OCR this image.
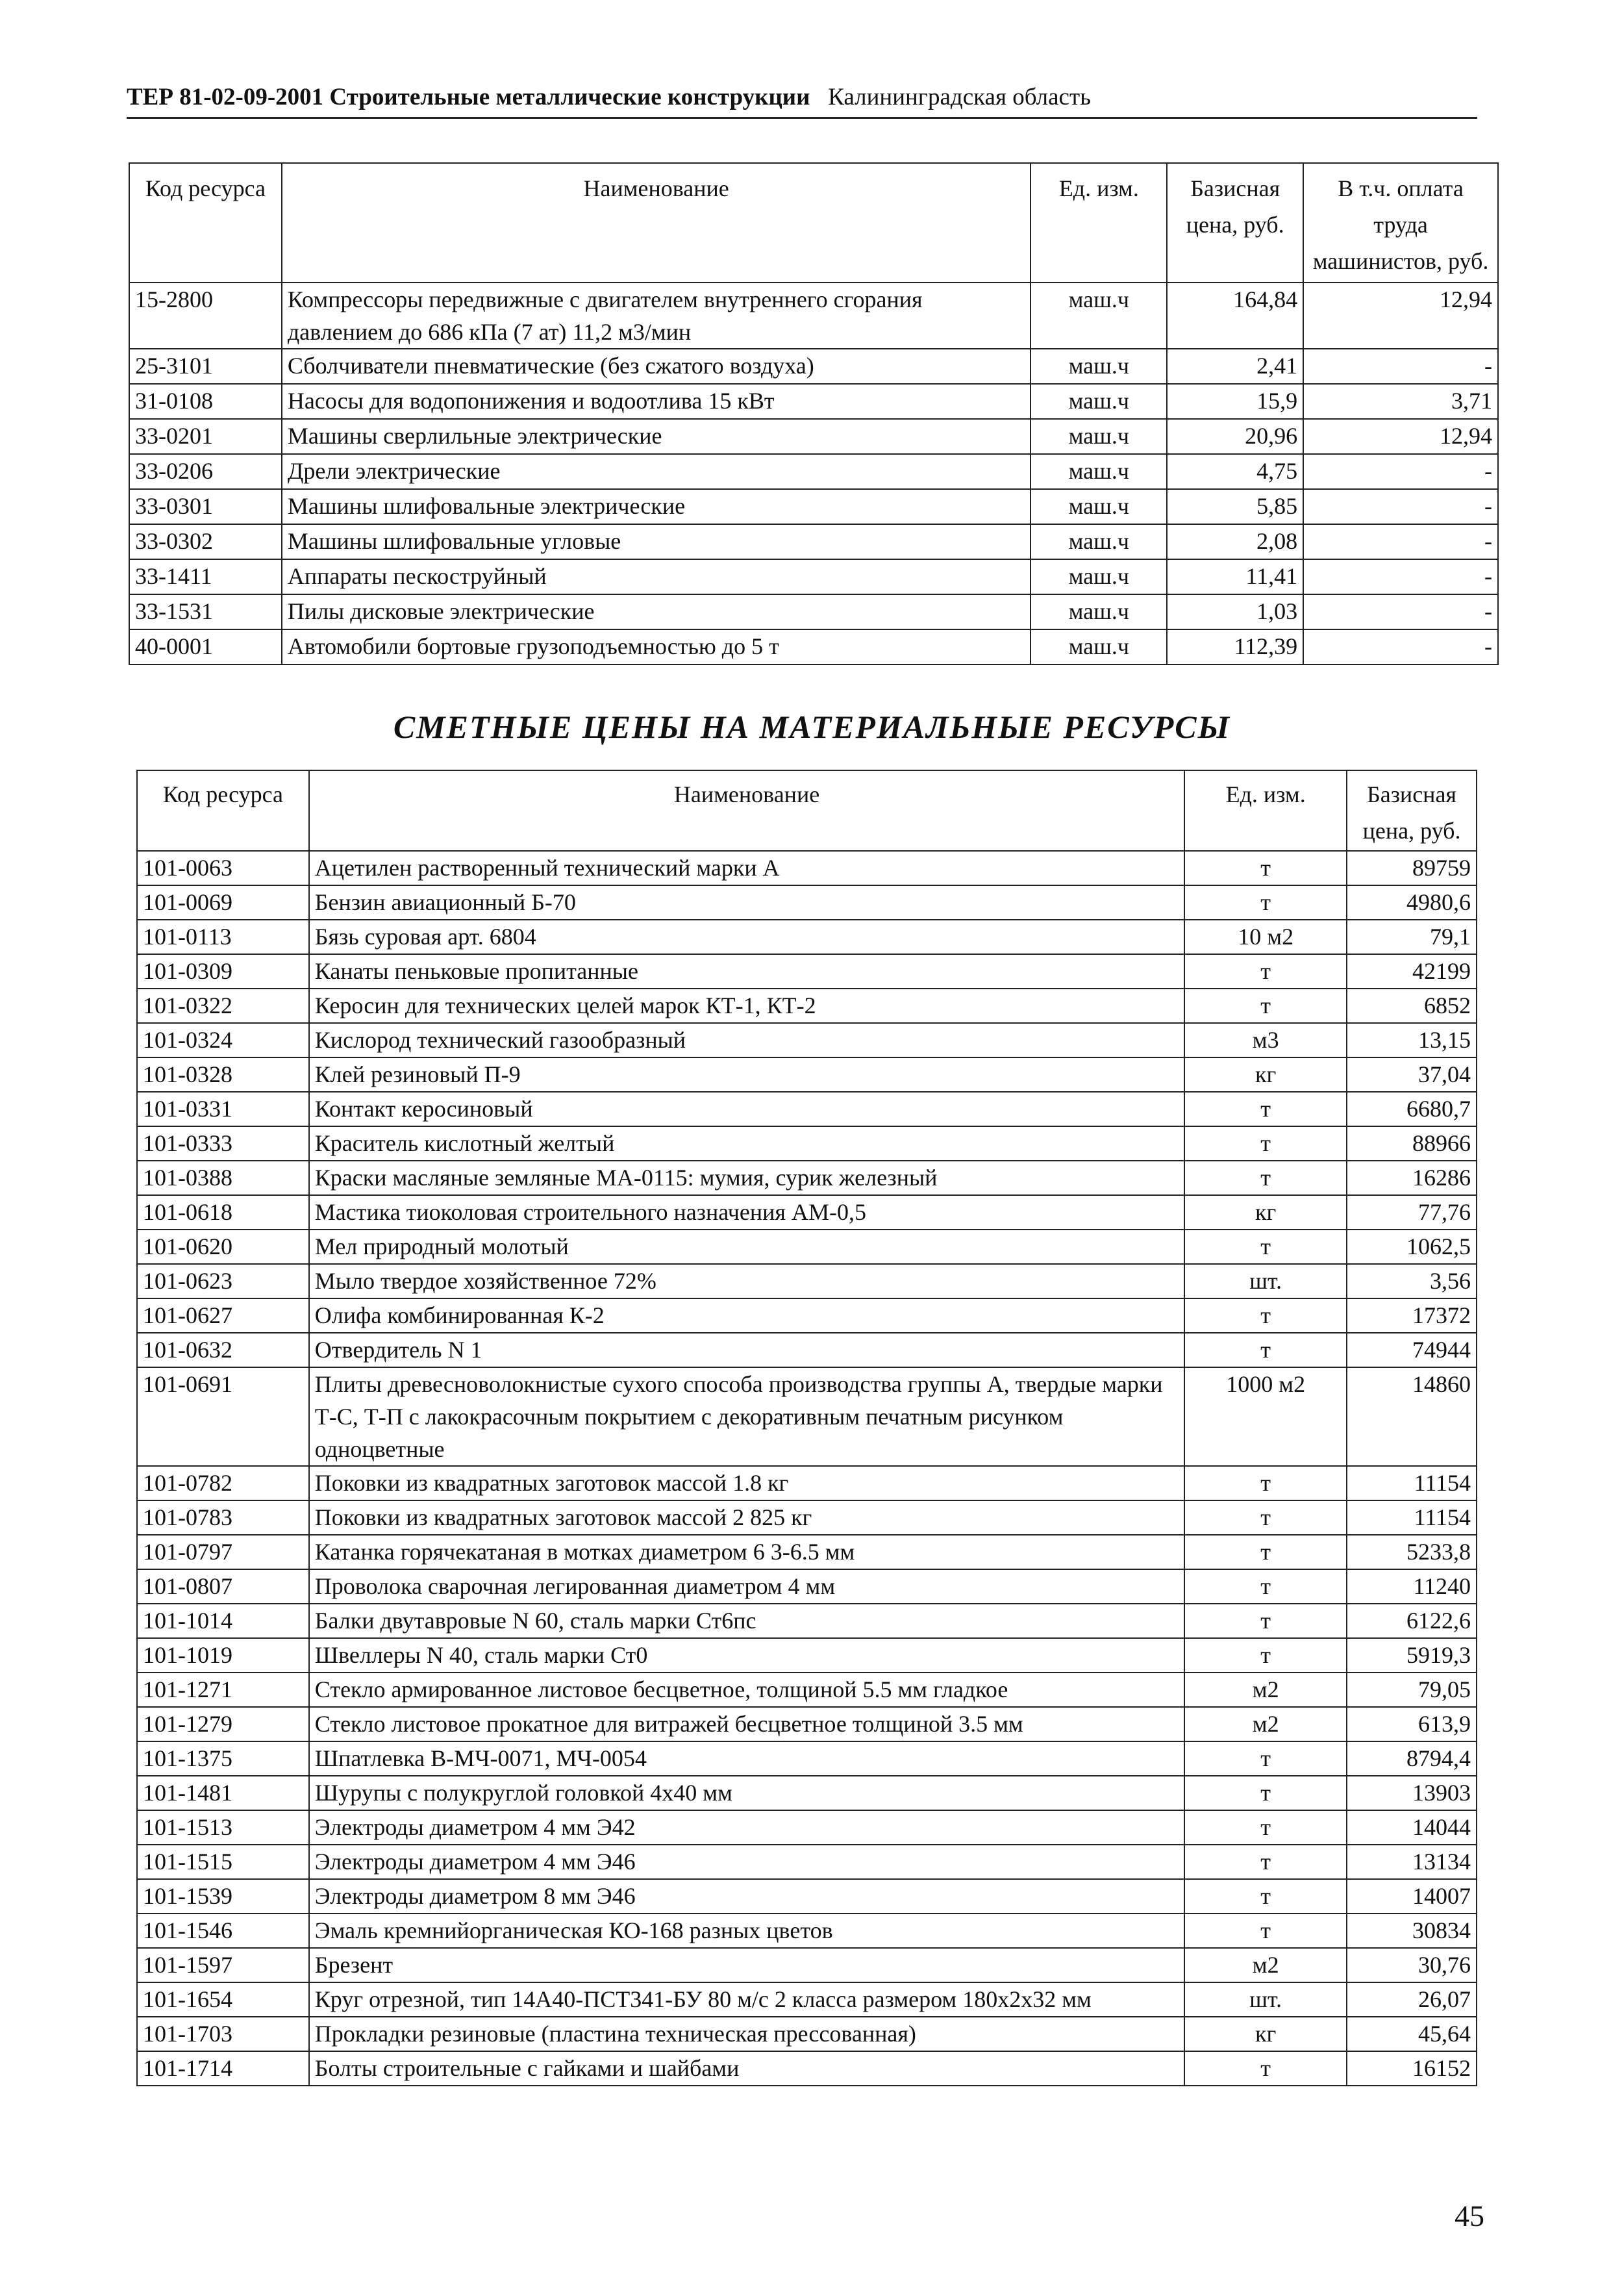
ТЕР 81-02-09-2001 Строительные металлические конструкции Калининградская область
Код ресурса	Наименование	Ед. изм.	Базисная цена, руб.	В т.ч. оплата труда машинистов, руб.
15-2800	Компрессоры передвижные с двигателем внутреннего сгорания давлением до 686 кПа (7 ат) 11,2 м3/мин	маш.ч	164,84	12,94
25-3101	Сболчиватели пневматические (без сжатого воздуха)	маш.ч	2,41	-
31-0108	Насосы для водопонижения и водоотлива 15 кВт	маш.ч	15,9	3,71
33-0201	Машины сверлильные электрические	маш.ч	20,96	12,94
33-0206	Дрели электрические	маш.ч	4,75	-
33-0301	Машины шлифовальные электрические	маш.ч	5,85	-
33-0302	Машины шлифовальные угловые	маш.ч	2,08	-
33-1411	Аппараты пескоструйный	маш.ч	11,41	-
33-1531	Пилы дисковые электрические	маш.ч	1,03	-
40-0001	Автомобили бортовые грузоподъемностью до 5 т	маш.ч	112,39	-
СМЕТНЫЕ ЦЕНЫ НА МАТЕРИАЛЬНЫЕ РЕСУРСЫ
Код ресурса	Наименование	Ед. изм.	Базисная цена, руб.
101-0063	Ацетилен растворенный технический марки А	т	89759
101-0069	Бензин авиационный Б-70	т	4980,6
101-0113	Бязь суровая арт. 6804	10 м2	79,1
101-0309	Канаты пеньковые пропитанные	т	42199
101-0322	Керосин для технических целей марок КТ-1, КТ-2	т	6852
101-0324	Кислород технический газообразный	м3	13,15
101-0328	Клей резиновый П-9	кг	37,04
101-0331	Контакт керосиновый	т	6680,7
101-0333	Краситель кислотный желтый	т	88966
101-0388	Краски масляные земляные МА-0115: мумия, сурик железный	т	16286
101-0618	Мастика тиоколовая строительного назначения АМ-0,5	кг	77,76
101-0620	Мел природный молотый	т	1062,5
101-0623	Мыло твердое хозяйственное 72%	шт.	3,56
101-0627	Олифа комбинированная К-2	т	17372
101-0632	Отвердитель N 1	т	74944
101-0691	Плиты древесноволокнистые сухого способа производства группы А, твердые марки Т-С, Т-П с лакокрасочным покрытием с декоративным печатным рисунком одноцветные	1000 м2	14860
101-0782	Поковки из квадратных заготовок массой 1.8 кг	т	11154
101-0783	Поковки из квадратных заготовок массой 2 825 кг	т	11154
101-0797	Катанка горячекатаная в мотках диаметром 6 3-6.5 мм	т	5233,8
101-0807	Проволока сварочная легированная диаметром 4 мм	т	11240
101-1014	Балки двутавровые N 60, сталь марки Ст6пс	т	6122,6
101-1019	Швеллеры N 40, сталь марки Ст0	т	5919,3
101-1271	Стекло армированное листовое бесцветное, толщиной 5.5 мм гладкое	м2	79,05
101-1279	Стекло листовое прокатное для витражей бесцветное толщиной 3.5 мм	м2	613,9
101-1375	Шпатлевка В-МЧ-0071, МЧ-0054	т	8794,4
101-1481	Шурупы с полукруглой головкой 4х40 мм	т	13903
101-1513	Электроды диаметром 4 мм Э42	т	14044
101-1515	Электроды диаметром 4 мм Э46	т	13134
101-1539	Электроды диаметром 8 мм Э46	т	14007
101-1546	Эмаль кремнийорганическая КО-168 разных цветов	т	30834
101-1597	Брезент	м2	30,76
101-1654	Круг отрезной, тип 14А40-ПСТ341-БУ 80 м/с 2 класса размером 180х2х32 мм	шт.	26,07
101-1703	Прокладки резиновые (пластина техническая прессованная)	кг	45,64
101-1714	Болты строительные с гайками и шайбами	т	16152
45
